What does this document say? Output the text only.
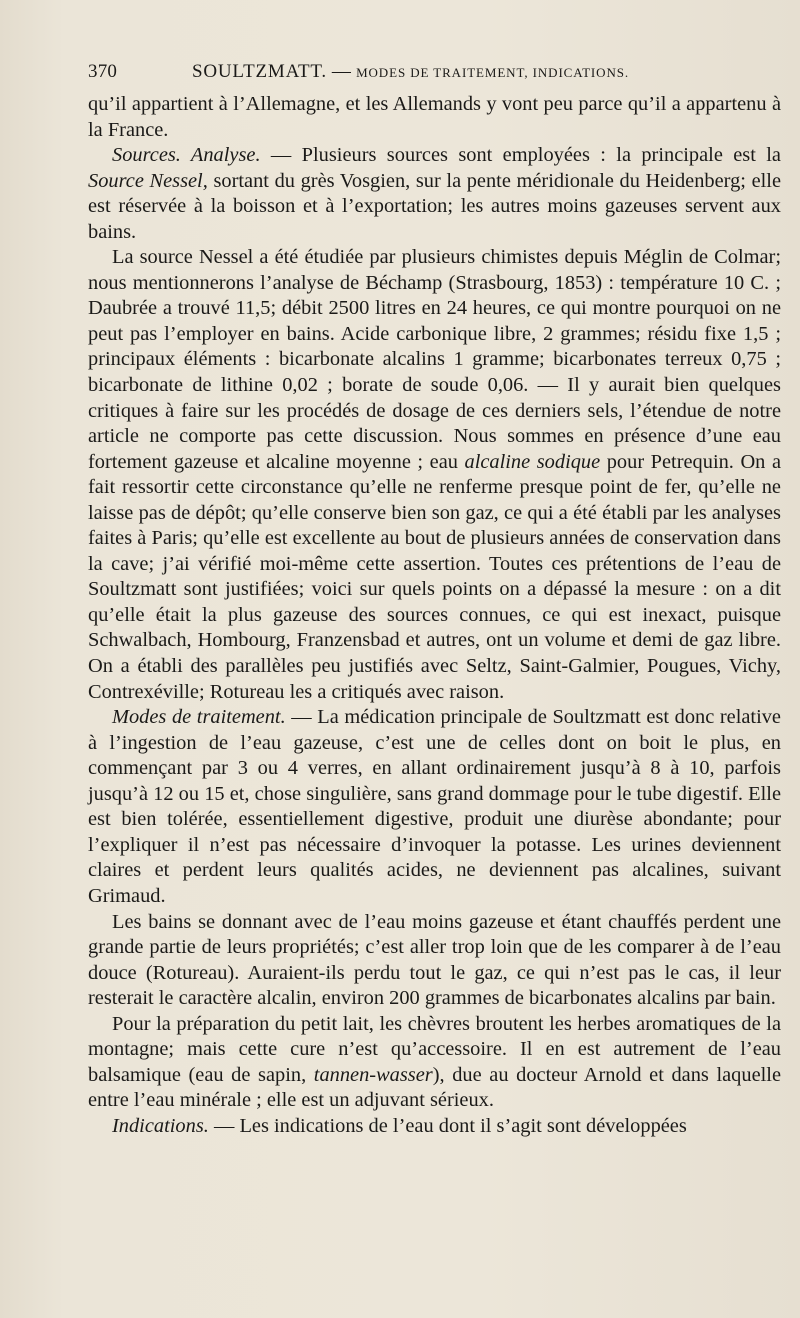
370	SOULTZMATT. — MODES DE TRAITEMENT, INDICATIONS.

qu’il appartient à l’Allemagne, et les Allemands y vont peu parce qu’il a appartenu à la France.

Sources. Analyse. — Plusieurs sources sont employées : la principale est la Source Nessel, sortant du grès Vosgien, sur la pente méridionale du Heidenberg; elle est réservée à la boisson et à l’exportation; les autres moins gazeuses servent aux bains.

La source Nessel a été étudiée par plusieurs chimistes depuis Méglin de Colmar; nous mentionnerons l’analyse de Béchamp (Strasbourg, 1853) : température 10 C. ; Daubrée a trouvé 11,5; débit 2500 litres en 24 heures, ce qui montre pourquoi on ne peut pas l’employer en bains. Acide carbonique libre, 2 grammes; résidu fixe 1,5 ; principaux éléments : bicarbonate alcalins 1 gramme; bicarbonates terreux 0,75 ; bicarbonate de lithine 0,02 ; borate de soude 0,06. — Il y aurait bien quelques critiques à faire sur les procédés de dosage de ces derniers sels, l’étendue de notre article ne comporte pas cette discussion. Nous sommes en présence d’une eau fortement gazeuse et alcaline moyenne ; eau alcaline sodique pour Petrequin. On a fait ressortir cette circonstance qu’elle ne renferme presque point de fer, qu’elle ne laisse pas de dépôt; qu’elle conserve bien son gaz, ce qui a été établi par les analyses faites à Paris; qu’elle est excellente au bout de plusieurs années de conservation dans la cave; j’ai vérifié moi-même cette assertion. Toutes ces prétentions de l’eau de Soultzmatt sont justifiées; voici sur quels points on a dépassé la mesure : on a dit qu’elle était la plus gazeuse des sources connues, ce qui est inexact, puisque Schwalbach, Hombourg, Franzensbad et autres, ont un volume et demi de gaz libre. On a établi des parallèles peu justifiés avec Seltz, Saint-Galmier, Pougues, Vichy, Contrexéville; Rotureau les a critiqués avec raison.

Modes de traitement. — La médication principale de Soultzmatt est donc relative à l’ingestion de l’eau gazeuse, c’est une de celles dont on boit le plus, en commençant par 3 ou 4 verres, en allant ordinairement jusqu’à 8 à 10, parfois jusqu’à 12 ou 15 et, chose singulière, sans grand dommage pour le tube digestif. Elle est bien tolérée, essentiellement digestive, produit une diurèse abondante; pour l’expliquer il n’est pas nécessaire d’invoquer la potasse. Les urines deviennent claires et perdent leurs qualités acides, ne deviennent pas alcalines, suivant Grimaud.

Les bains se donnant avec de l’eau moins gazeuse et étant chauffés perdent une grande partie de leurs propriétés; c’est aller trop loin que de les comparer à de l’eau douce (Rotureau). Auraient-ils perdu tout le gaz, ce qui n’est pas le cas, il leur resterait le caractère alcalin, environ 200 grammes de bicarbonates alcalins par bain.

Pour la préparation du petit lait, les chèvres broutent les herbes aromatiques de la montagne; mais cette cure n’est qu’accessoire. Il en est autrement de l’eau balsamique (eau de sapin, tannen-wasser), due au docteur Arnold et dans laquelle entre l’eau minérale ; elle est un adjuvant sérieux.

Indications. — Les indications de l’eau dont il s’agit sont développées
